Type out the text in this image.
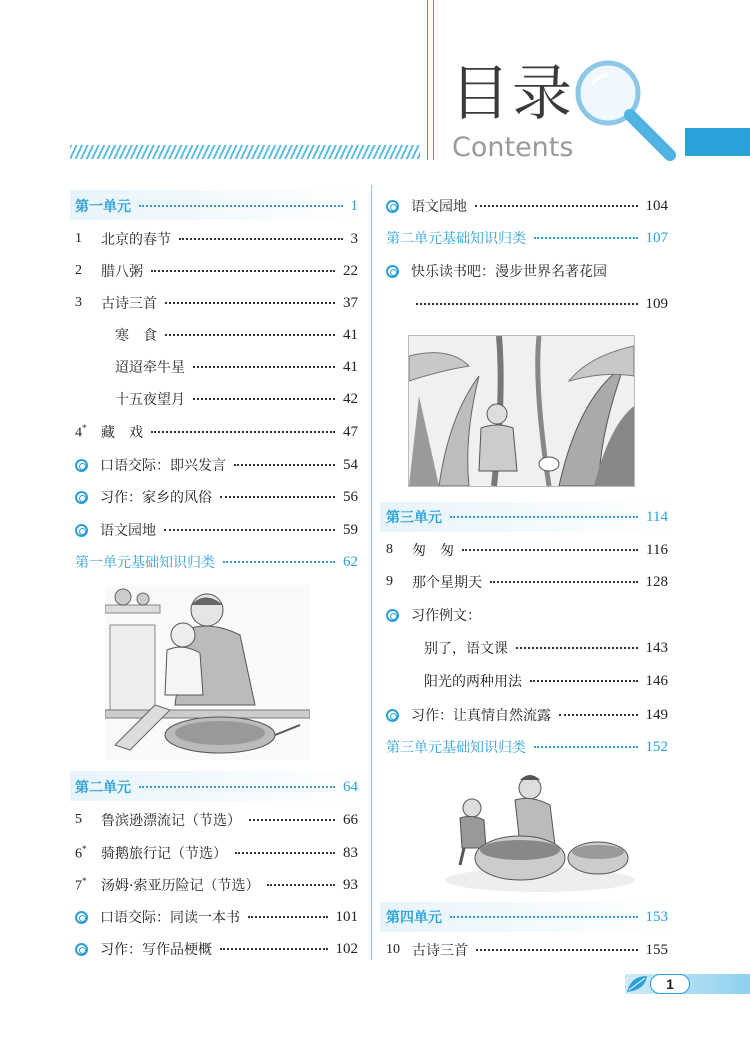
目录
Contents
第一单元	1
1	北京的春节	3
2	腊八粥	22
3	古诗三首	37
寒　食	41
迢迢牵牛星	41
十五夜望月	42
4*	藏　戏	47
口语交际：即兴发言	54
习作：家乡的风俗	56
语文园地	59
第一单元基础知识归类	62
第二单元	64
5	鲁滨逊漂流记（节选）	66
6*	骑鹅旅行记（节选）	83
7*	汤姆·索亚历险记（节选）	93
口语交际：同读一本书	101
习作：写作品梗概	102
语文园地	104
第二单元基础知识归类	107
快乐读书吧：漫步世界名著花园
109
第三单元	114
8	匆　匆	116
9	那个星期天	128
习作例文：
别了，语文课	143
阳光的两种用法	146
习作：让真情自然流露	149
第三单元基础知识归类	152
第四单元	153
10 古诗三首	155
1
